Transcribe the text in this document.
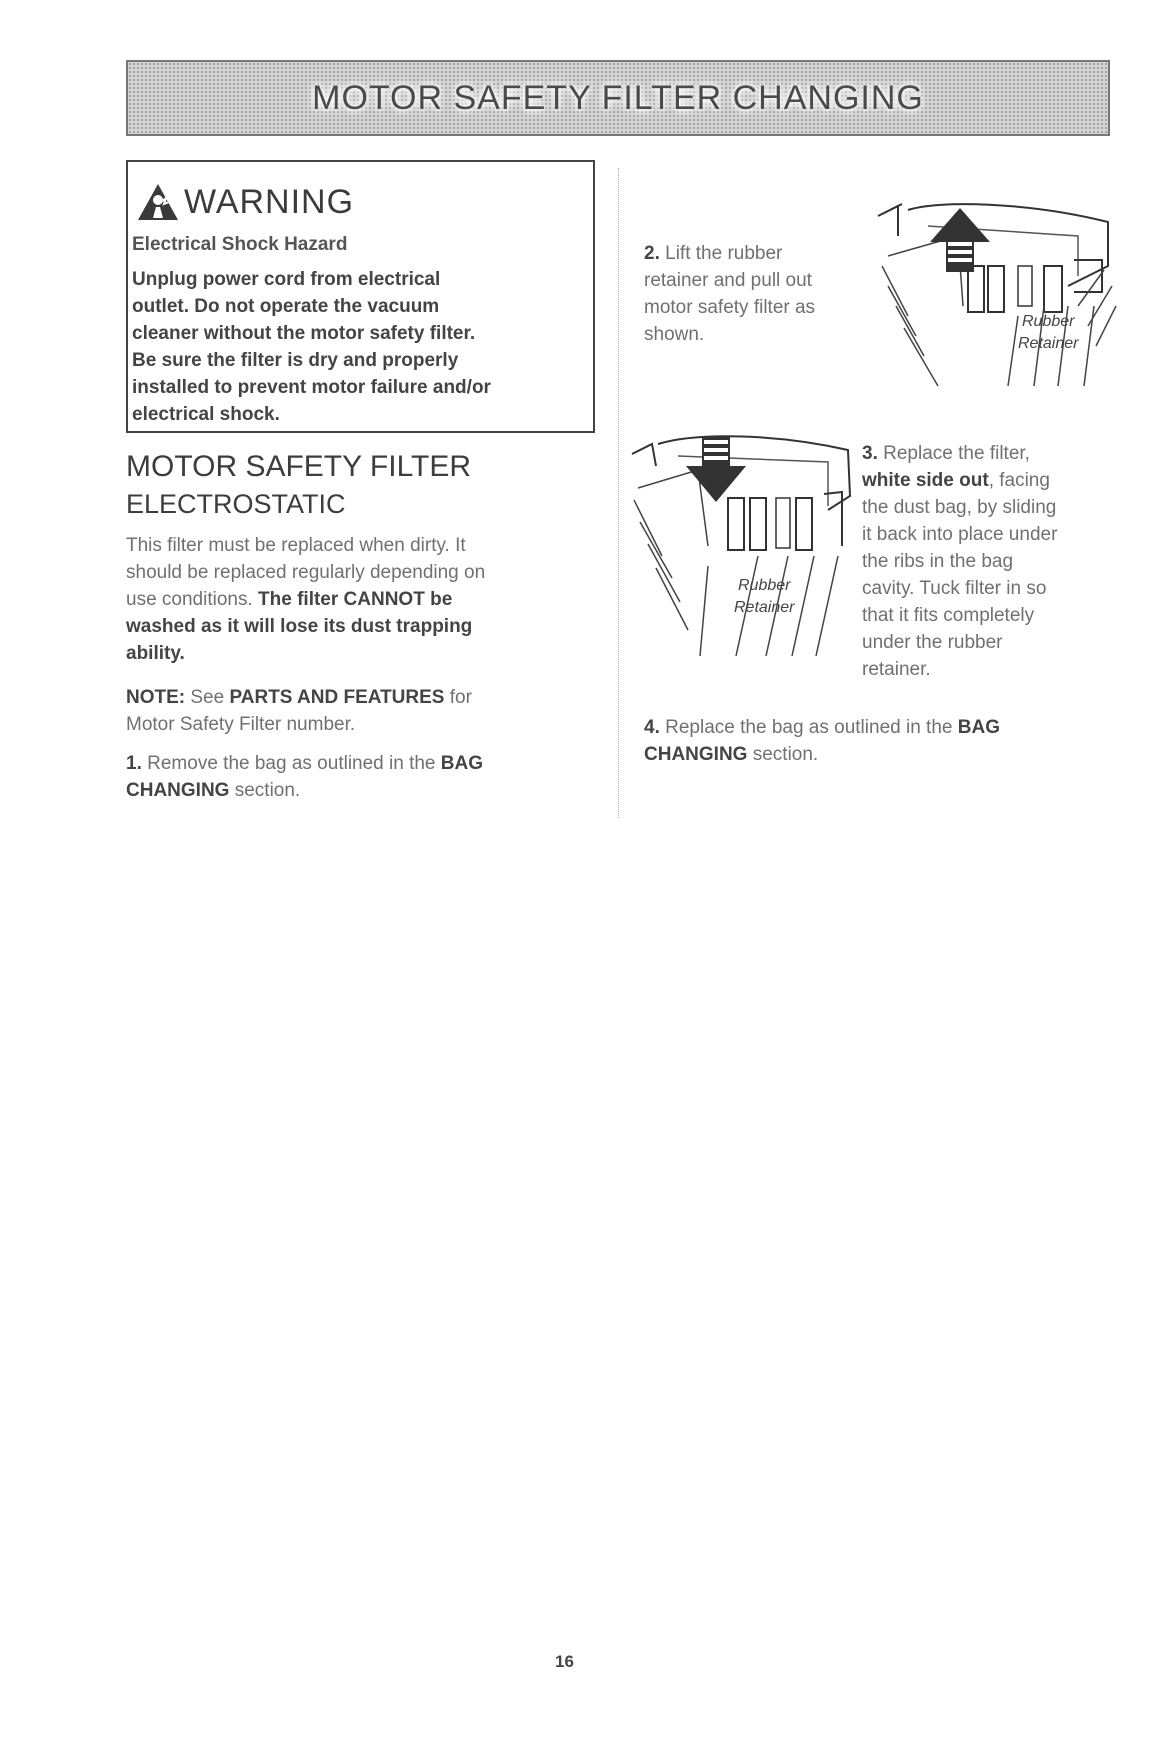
MOTOR SAFETY FILTER CHANGING
WARNING
Electrical Shock Hazard
Unplug power cord from electrical
outlet. Do not operate the vacuum
cleaner without the motor safety filter.
Be sure the filter is dry and properly
installed to prevent motor failure and/or
electrical shock.
MOTOR SAFETY FILTER
ELECTROSTATIC
This filter must be replaced when dirty. It
should be replaced regularly depending on
use conditions. The filter CANNOT be
washed as it will lose its dust trapping
ability.
NOTE: See PARTS AND FEATURES for
Motor Safety Filter number.
1. Remove the bag as outlined in the BAG
CHANGING section.
2. Lift the rubber
retainer and pull out
motor safety filter as
shown.
Rubber
Retainer
Rubber
Retainer
3. Replace the filter,
white side out, facing
the dust bag, by sliding
it back into place under
the ribs in the bag
cavity. Tuck filter in so
that it fits completely
under the rubber
retainer.
4. Replace the bag as outlined in the BAG
CHANGING section.
16
